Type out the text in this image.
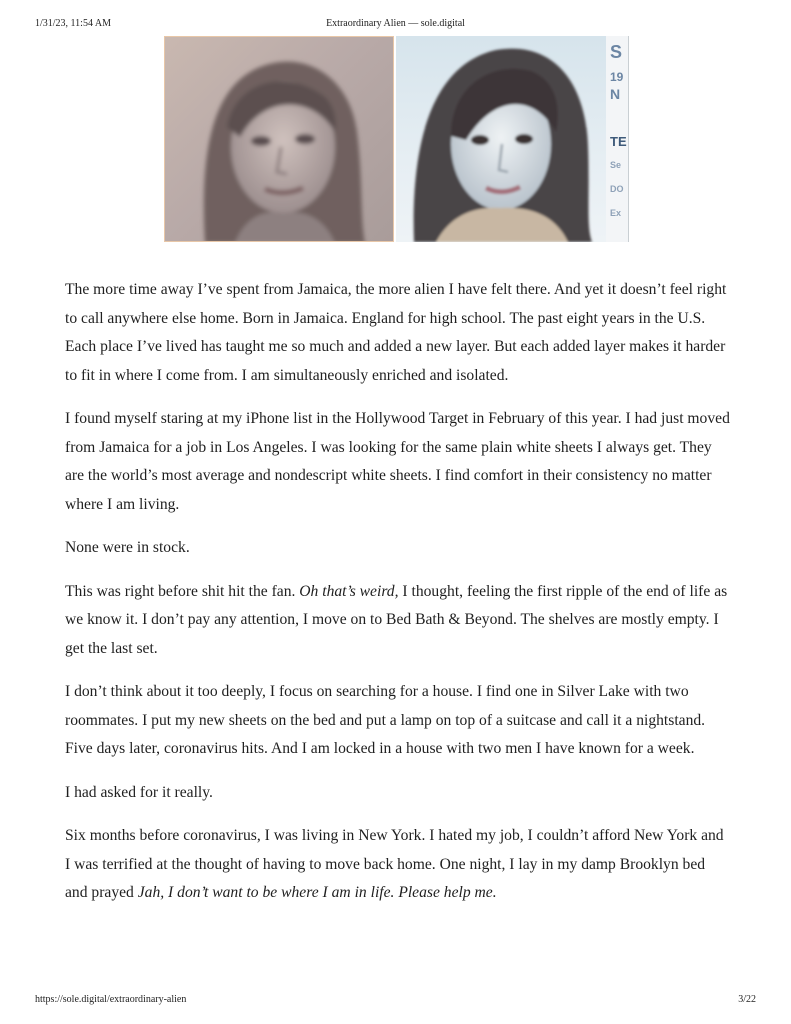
1/31/23, 11:54 AM	Extraordinary Alien — sole.digital
S
19
N
TE
Se
DO
Ex

The more time away I’ve spent from Jamaica, the more alien I have felt there. And yet it doesn’t feel right to call anywhere else home. Born in Jamaica. England for high school. The past eight years in the U.S. Each place I’ve lived has taught me so much and added a new layer. But each added layer makes it harder to fit in where I come from. I am simultaneously enriched and isolated.

I found myself staring at my iPhone list in the Hollywood Target in February of this year. I had just moved from Jamaica for a job in Los Angeles. I was looking for the same plain white sheets I always get. They are the world’s most average and nondescript white sheets. I find comfort in their consistency no matter where I am living.

None were in stock.

This was right before shit hit the fan. Oh that’s weird, I thought, feeling the first ripple of the end of life as we know it. I don’t pay any attention, I move on to Bed Bath & Beyond. The shelves are mostly empty. I get the last set.

I don’t think about it too deeply, I focus on searching for a house. I find one in Silver Lake with two roommates. I put my new sheets on the bed and put a lamp on top of a suitcase and call it a nightstand. Five days later, coronavirus hits. And I am locked in a house with two men I have known for a week.

I had asked for it really.

Six months before coronavirus, I was living in New York. I hated my job, I couldn’t afford New York and I was terrified at the thought of having to move back home. One night, I lay in my damp Brooklyn bed and prayed Jah, I don’t want to be where I am in life. Please help me.

https://sole.digital/extraordinary-alien	3/22
